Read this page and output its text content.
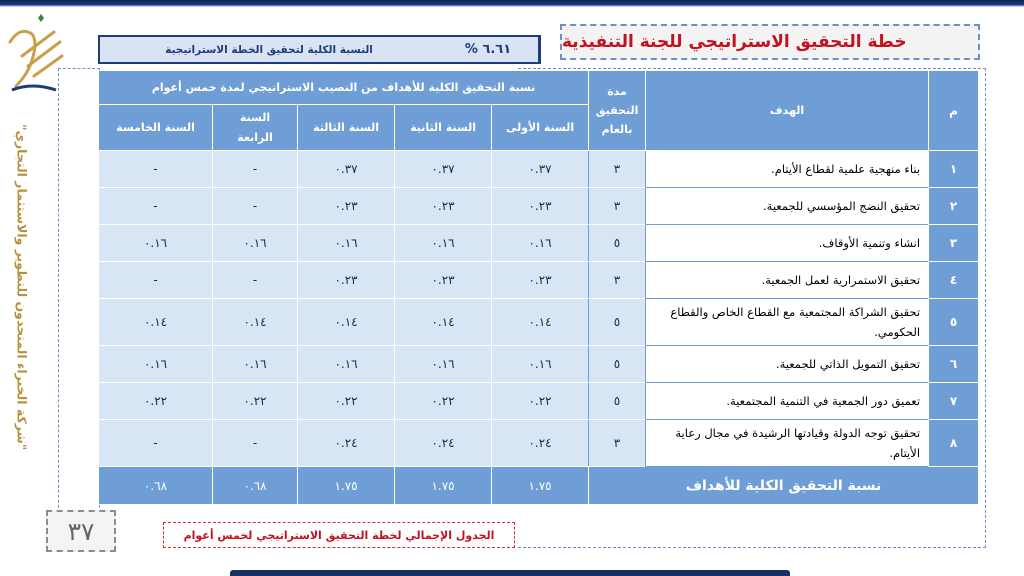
"شركة الخبراء المتحدون للتطوير والاستثمار التجاري"
خطة التحقيق الاستراتيجي للجنة التنفيذية
النسبة الكلية لتحقيق الخطة الاستراتيجية	٦.٦١ %
م	الهدف	مدة التحقيق بالعام	نسبة التحقيق الكلية للأهداف من النصيب الاستراتيجي لمدة خمس أعوام				
			السنة الأولى	السنة الثانية	السنة الثالثة	السنة الرابعة	السنة الخامسة
١	بناء منهجية علمية لقطاع الأيتام.	٣	٠.٣٧	٠.٣٧	٠.٣٧	-	-
٢	تحقيق النضج المؤسسي للجمعية.	٣	٠.٢٣	٠.٢٣	٠.٢٣	-	-
٣	انشاء وتنمية الأوقاف.	٥	٠.١٦	٠.١٦	٠.١٦	٠.١٦	٠.١٦
٤	تحقيق الاستمرارية لعمل الجمعية.	٣	٠.٢٣	٠.٢٣	٠.٢٣	-	-
٥	تحقيق الشراكة المجتمعية مع القطاع الخاص والقطاع الحكومي.	٥	٠.١٤	٠.١٤	٠.١٤	٠.١٤	٠.١٤
٦	تحقيق التمويل الذاتي للجمعية.	٥	٠.١٦	٠.١٦	٠.١٦	٠.١٦	٠.١٦
٧	تعميق دور الجمعية في التنمية المجتمعية.	٥	٠.٢٢	٠.٢٢	٠.٢٢	٠.٢٢	٠.٢٢
٨	تحقيق توجه الدولة وقيادتها الرشيدة في مجال رعاية الأيتام.	٣	٠.٢٤	٠.٢٤	٠.٢٤	-	-
نسبة التحقيق الكلية للأهداف			١.٧٥	١.٧٥	١.٧٥	٠.٦٨	٠.٦٨
٣٧	الجدول الإجمالي لخطة التحقيق الاستراتيجي لخمس أعوام
